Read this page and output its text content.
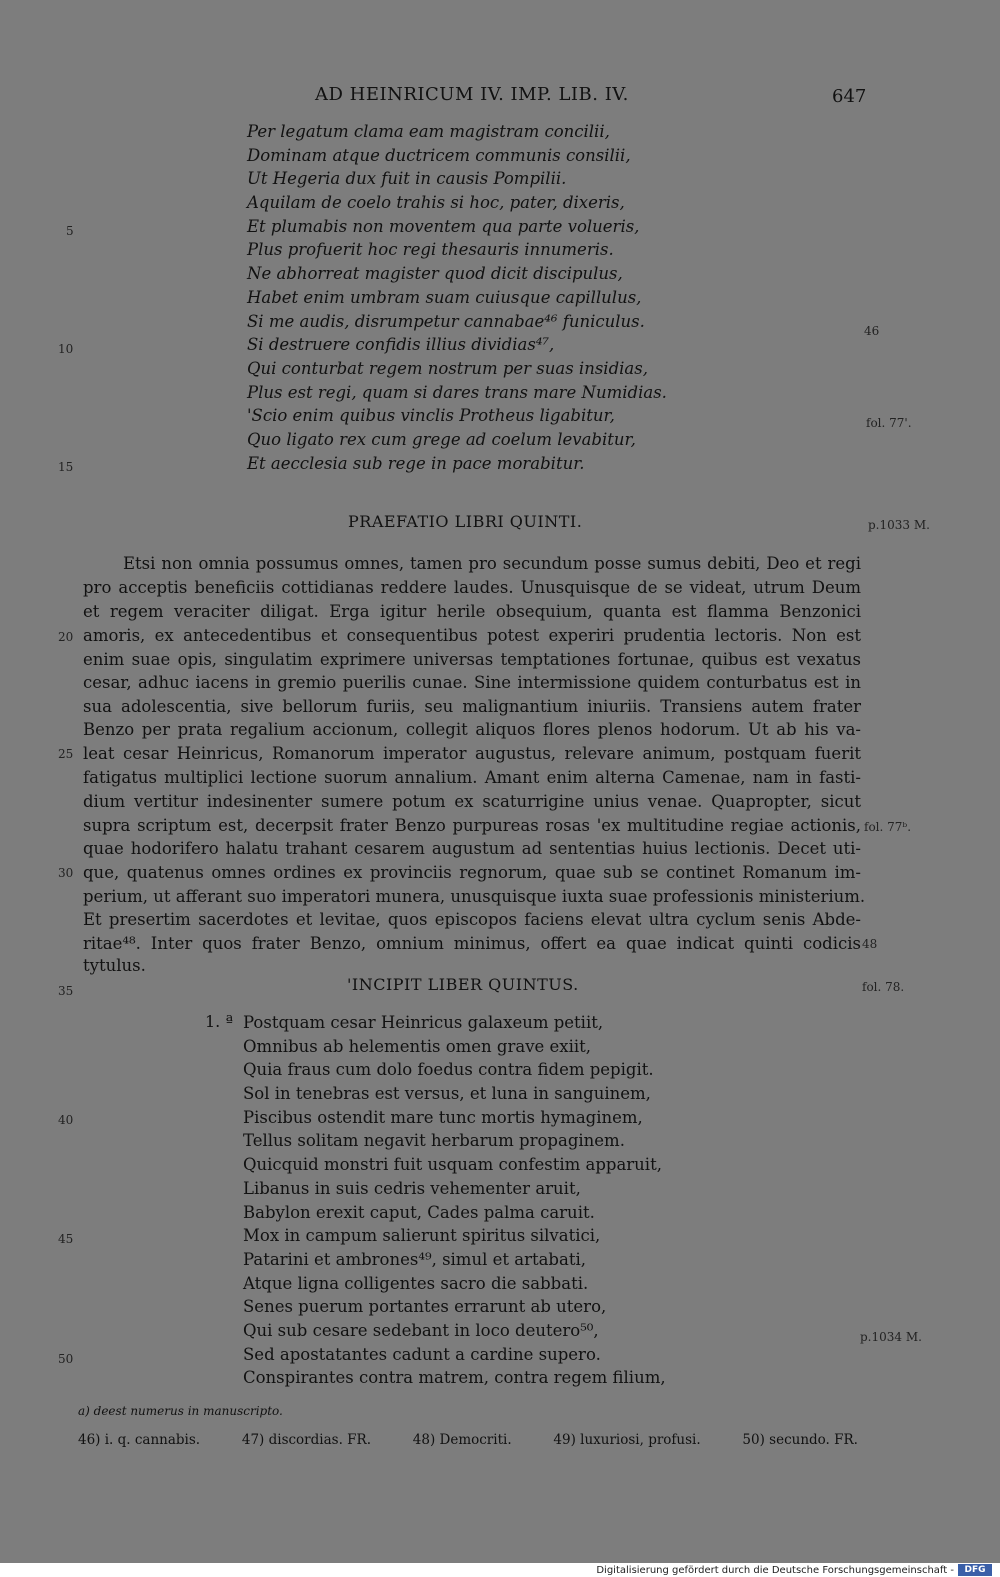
AD HEINRICUM IV. IMP. LIB. IV.	647
Per legatum clama eam magistram concilii,
Dominam atque ductricem communis consilii,
Ut Hegeria dux fuit in causis Pompilii.
Aquilam de coelo trahis si hoc, pater, dixeris,
Et plumabis non moventem qua parte volueris,
Plus profuerit hoc regi thesauris innumeris.
Ne abhorreat magister quod dicit discipulus,
Habet enim umbram suam cuiusque capillulus,
Si me audis, disrumpetur cannabae⁴⁶ funiculus.
Si destruere confidis illius dividias⁴⁷,
Qui conturbat regem nostrum per suas insidias,
Plus est regi, quam si dares trans mare Numidias.
'Scio enim quibus vinclis Protheus ligabitur,
Quo ligato rex cum grege ad coelum levabitur,
Et aecclesia sub rege in pace morabitur.
PRAEFATIO LIBRI QUINTI.
Etsi non omnia possumus omnes, tamen pro secundum posse sumus debiti, Deo et regi
pro acceptis beneficiis cottidianas reddere laudes. Unusquisque de se videat, utrum Deum
et regem veraciter diligat. Erga igitur herile obsequium, quanta est flamma Benzonici
amoris, ex antecedentibus et consequentibus potest experiri prudentia lectoris. Non est
enim suae opis, singulatim exprimere universas temptationes fortunae, quibus est vexatus
cesar, adhuc iacens in gremio puerilis cunae. Sine intermissione quidem conturbatus est in
sua adolescentia, sive bellorum furiis, seu malignantium iniuriis. Transiens autem frater
Benzo per prata regalium accionum, collegit aliquos flores plenos hodorum. Ut ab his va-
leat cesar Heinricus, Romanorum imperator augustus, relevare animum, postquam fuerit
fatigatus multiplici lectione suorum annalium. Amant enim alterna Camenae, nam in fasti-
dium vertitur indesinenter sumere potum ex scaturrigine unius venae. Quapropter, sicut
supra scriptum est, decerpsit frater Benzo purpureas rosas 'ex multitudine regiae actionis,
quae hodorifero halatu trahant cesarem augustum ad sententias huius lectionis. Decet uti-
que, quatenus omnes ordines ex provinciis regnorum, quae sub se continet Romanum im-
perium, ut afferant suo imperatori munera, unusquisque iuxta suae professionis ministerium.
Et presertim sacerdotes et levitae, quos episcopos faciens elevat ultra cyclum senis Abde-
ritae⁴⁸. Inter quos frater Benzo, omnium minimus, offert ea quae indicat quinti codicis
tytulus.
'INCIPIT LIBER QUINTUS.
1. ª Postquam cesar Heinricus galaxeum petiit,
Omnibus ab helementis omen grave exiit,
Quia fraus cum dolo foedus contra fidem pepigit.
Sol in tenebras est versus, et luna in sanguinem,
Piscibus ostendit mare tunc mortis hymaginem,
Tellus solitam negavit herbarum propaginem.
Quicquid monstri fuit usquam confestim apparuit,
Libanus in suis cedris vehementer aruit,
Babylon erexit caput, Cades palma caruit.
Mox in campum salierunt spiritus silvatici,
Patarini et ambrones⁴⁹, simul et artabati,
Atque ligna colligentes sacro die sabbati.
Senes puerum portantes errarunt ab utero,
Qui sub cesare sedebant in loco deutero⁵⁰,
Sed apostatantes cadunt a cardine supero.
Conspirantes contra matrem, contra regem filium,
5
10
15
20
25
30
35
40
45
50
46
fol. 77'.
p.1033 M.
fol. 77ᵇ.
48
fol. 78.
p.1034 M.
a) deest numerus in manuscripto.
46) i. q. cannabis.	47) discordias. FR.	48) Democriti.	49) luxuriosi, profusi.	50) secundo. FR.
Digitalisierung gefördert durch die Deutsche Forschungsgemeinschaft -	DFG
